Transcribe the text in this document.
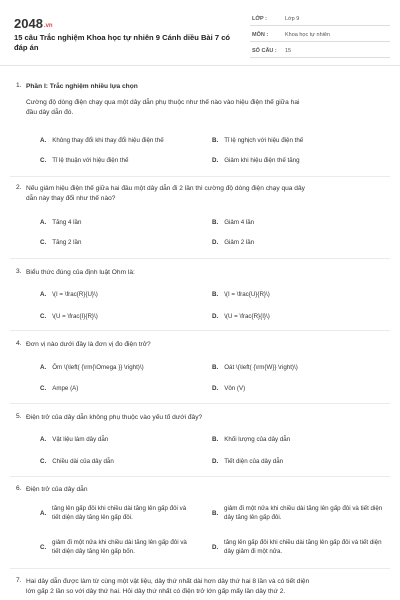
2048.vn
15 câu Trắc nghiệm Khoa học tự nhiên 9 Cánh diều Bài 7 có đáp án
LỚP :	Lớp 9
MÔN :	Khoa học tự nhiên
SỐ CÂU : 15
1. Phần I: Trắc nghiệm nhiều lựa chọn
Cường độ dòng điện chạy qua một dây dẫn phụ thuộc như thế nào vào hiệu điện thế giữa hai
đầu dây dẫn đó.
A. Không thay đổi khi thay đổi hiệu điện thế	B. Tỉ lệ nghịch với hiệu điện thế
C. Tỉ lệ thuận với hiệu điện thế	D. Giảm khi hiệu điện thế tăng
2. Nếu giảm hiệu điện thế giữa hai đầu một dây dẫn đi 2 lần thì cường độ dòng điện chạy qua dây
dẫn này thay đổi như thế nào?
A. Tăng 4 lần	B. Giảm 4 lần
C. Tăng 2 lần	D. Giảm 2 lần
3. Biểu thức đúng của định luật Ohm là:
A. \(I = \frac{R}{U}\)	B. \(I = \frac{U}{R}\)
C. \(U = \frac{I}{R}\)	D. \(U = \frac{R}{I}\)
4. Đơn vị nào dưới đây là đơn vị đo điện trở?
A. Ôm \(\left( {\rm{\Omega }} \right)\)	B. Oát \(\left( {\rm{W}} \right)\)
C. Ampe (A)	D. Vôn (V)
5. Điện trở của dây dẫn không phụ thuộc vào yếu tố dưới đây?
A. Vật liệu làm dây dẫn	B. Khối lượng của dây dẫn
C. Chiều dài của dây dẫn	D. Tiết diện của dây dẫn
6. Điện trở của dây dẫn
A.
tăng lên gấp đôi khi chiều dài tăng lên gấp đôi và tiết diện dây tăng lên gấp đôi.
B.
giảm đi một nửa khi chiều dài tăng lên gấp đôi và tiết diện dây tăng lên gấp đôi.
C.
giảm đi một nửa khi chiều dài tăng lên gấp đôi và tiết diện dây tăng lên gấp bốn.
D.
tăng lên gấp đôi khi chiều dài tăng lên gấp đôi và tiết diện dây giảm đi một nửa.
7. Hai dây dẫn được làm từ cùng một vật liệu, dây thứ nhất dài hơn dây thứ hai 8 lần và có tiết diện
lớn gấp 2 lần so với dây thứ hai. Hỏi dây thứ nhất có điện trở lớn gấp mấy lần dây thứ 2.
